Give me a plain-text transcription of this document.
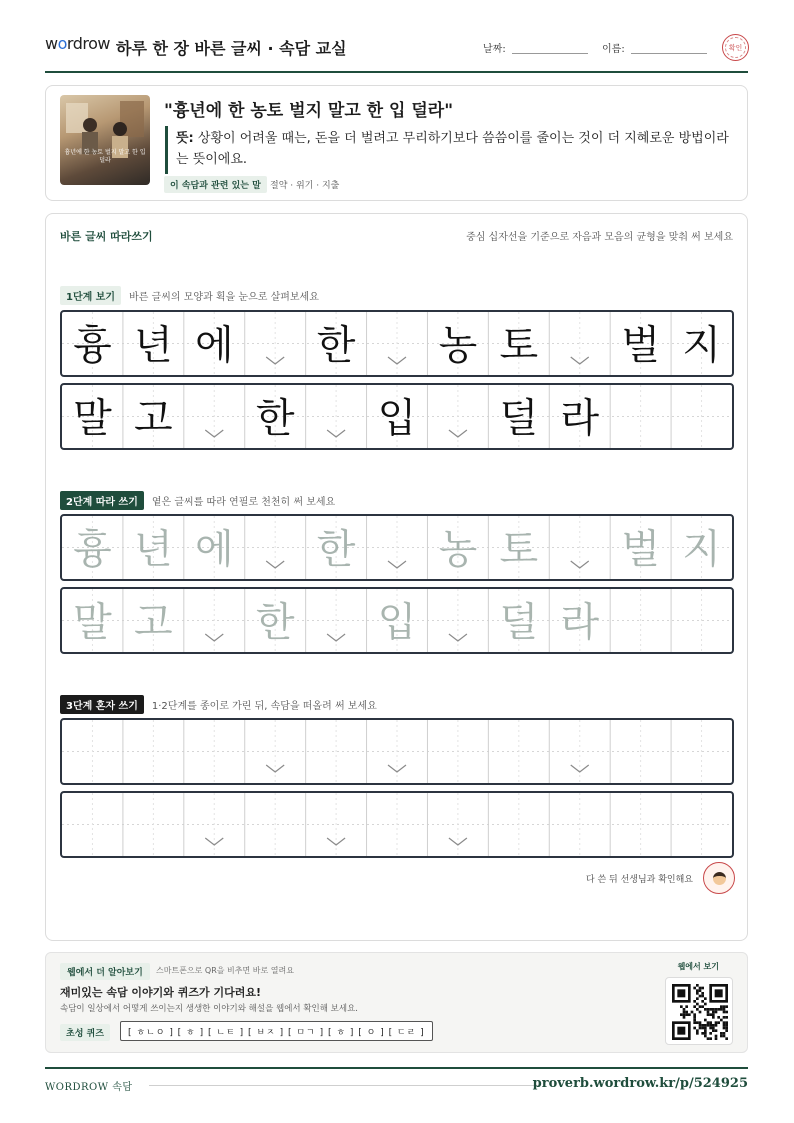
wordrow 하루 한 장 바른 글씨 · 속담 교실	날짜:	이름:	확인
흉년에 한 농토 벌지 말고 한 입 덜라
"흉년에 한 농토 벌지 말고 한 입 덜라"
뜻: 상황이 어려울 때는, 돈을 더 벌려고 무리하기보다 씀씀이를 줄이는 것이 더 지혜로운 방법이라는 뜻이에요.
이 속담과 관련 있는 말	절약 · 위기 · 지출
바른 글씨 따라쓰기	중심 십자선을 기준으로 자음과 모음의 균형을 맞춰 써 보세요
1단계 보기	바른 글씨의 모양과 획을 눈으로 살펴보세요
흉 년 에 한 농 토 벌 지
말 고 한 입 덜 라
2단계 따라 쓰기	옅은 글씨를 따라 연필로 천천히 써 보세요
흉 년 에 한 농 토 벌 지
말 고 한 입 덜 라
3단계 혼자 쓰기	1·2단계를 종이로 가린 뒤, 속담을 떠올려 써 보세요
다 쓴 뒤 선생님과 확인해요
웹에서 더 알아보기	스마트폰으로 QR을 비추면 바로 열려요
재미있는 속담 이야기와 퀴즈가 기다려요!
속담이 일상에서 어떻게 쓰이는지 생생한 이야기와 해설을 웹에서 확인해 보세요.
초성 퀴즈	[ ㅎㄴㅇ ] [ ㅎ ] [ ㄴㅌ ] [ ㅂㅈ ] [ ㅁㄱ ] [ ㅎ ] [ ㅇ ] [ ㄷㄹ ]
웹에서 보기
WORDROW 속담	proverb.wordrow.kr/p/524925
